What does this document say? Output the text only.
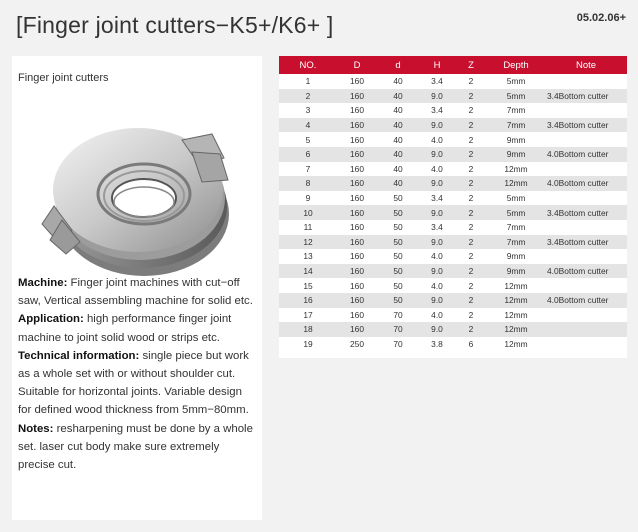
[Finger joint cutters−K5+/K6+ ]	05.02.06+
Finger joint cutters

Machine: Finger joint machines with cut−off saw, Vertical assembling machine for solid etc.

Application: high performance finger joint machine to joint solid wood or strips etc.

Technical information: single piece but work as a whole set with or without shoulder cut. Suitable for horizontal joints. Variable design for defined wood thickness from 5mm−80mm.

Notes: resharpening must be done by a whole set. laser cut body make sure extremely precise cut.

NO.	D	d	H	Z	Depth	Note
1	160	40	3.4	2	5mm	
2	160	40	9.0	2	5mm	3.4Bottom cutter
3	160	40	3.4	2	7mm	
4	160	40	9.0	2	7mm	3.4Bottom cutter
5	160	40	4.0	2	9mm	
6	160	40	9.0	2	9mm	4.0Bottom cutter
7	160	40	4.0	2	12mm	
8	160	40	9.0	2	12mm	4.0Bottom cutter
9	160	50	3.4	2	5mm	
10	160	50	9.0	2	5mm	3.4Bottom cutter
11	160	50	3.4	2	7mm	
12	160	50	9.0	2	7mm	3.4Bottom cutter
13	160	50	4.0	2	9mm	
14	160	50	9.0	2	9mm	4.0Bottom cutter
15	160	50	4.0	2	12mm	
16	160	50	9.0	2	12mm	4.0Bottom cutter
17	160	70	4.0	2	12mm	
18	160	70	9.0	2	12mm	
19	250	70	3.8	6	12mm	
